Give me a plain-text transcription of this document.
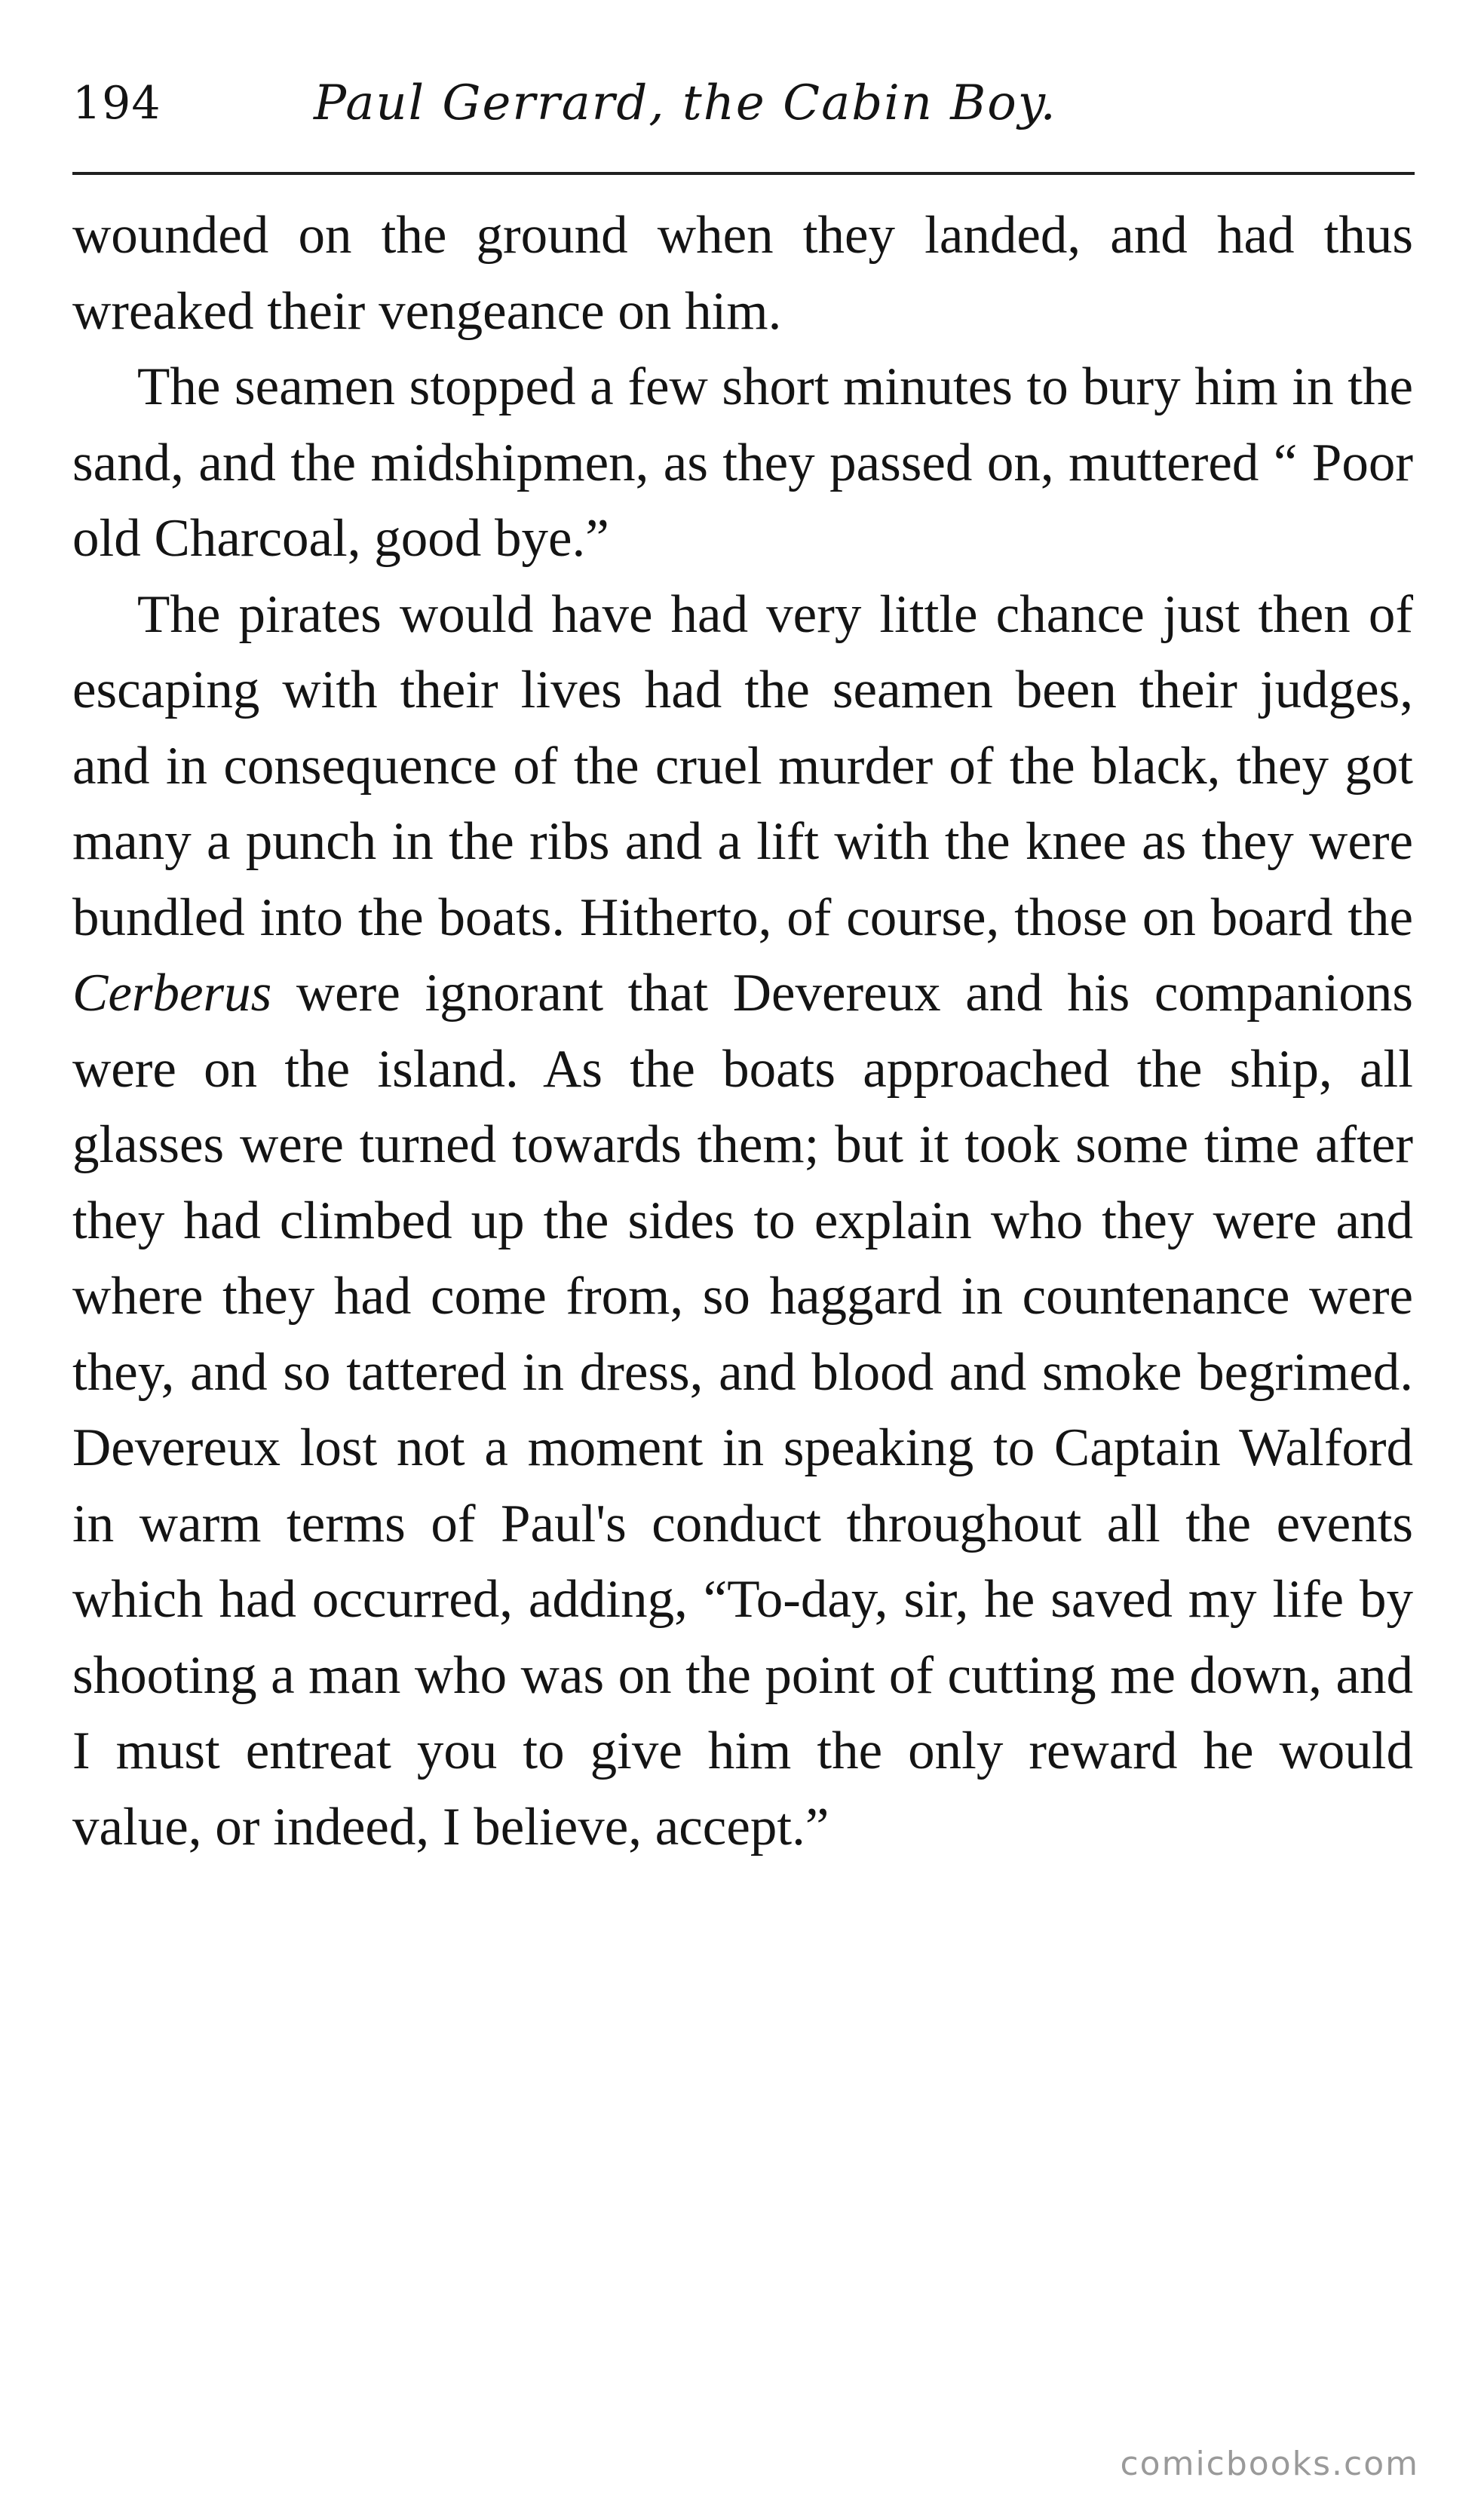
194	Paul Gerrard, the Cabin Boy.

wounded on the ground when they landed, and had thus wreaked their vengeance on him.

The seamen stopped a few short minutes to bury him in the sand, and the midshipmen, as they passed on, muttered “ Poor old Charcoal, good bye.”

The pirates would have had very little chance just then of escaping with their lives had the seamen been their judges, and in consequence of the cruel murder of the black, they got many a punch in the ribs and a lift with the knee as they were bundled into the boats. Hitherto, of course, those on board the Cerberus were ignorant that Devereux and his companions were on the island. As the boats approached the ship, all glasses were turned towards them; but it took some time after they had climbed up the sides to explain who they were and where they had come from, so haggard in countenance were they, and so tattered in dress, and blood and smoke begrimed. Devereux lost not a moment in speaking to Captain Walford in warm terms of Paul's conduct throughout all the events which had occurred, adding, “To-day, sir, he saved my life by shooting a man who was on the point of cutting me down, and I must entreat you to give him the only reward he would value, or indeed, I believe, accept.”

comicbooks.com
